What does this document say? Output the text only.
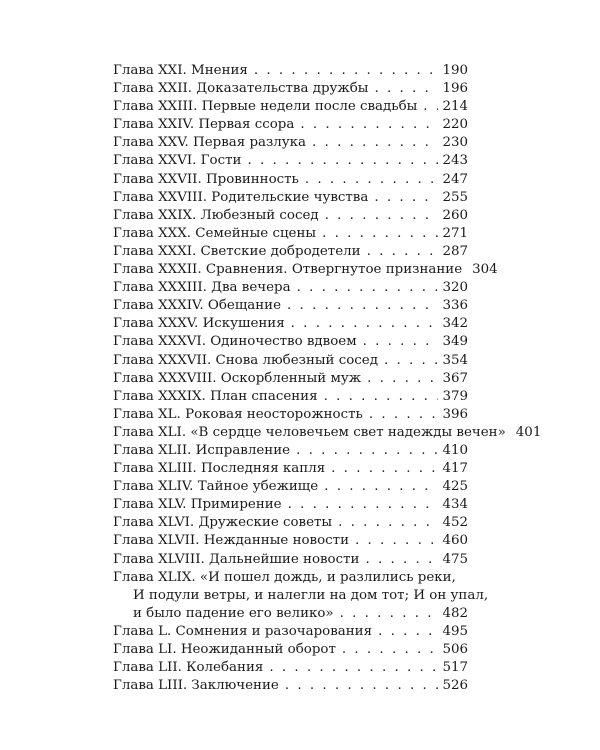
Глава XXI. Мнения . . .	190
Глава XXII. Доказательства дружбы . . .	196
Глава XXIII. Первые недели после свадьбы . . . 214
Глава XXIV. Первая ссора . . .	220
Глава XXV. Первая разлука . . .	230
Глава XXVI. Гости . . .	243
Глава XXVII. Провинность . . .	247
Глава XXVIII. Родительские чувства . . .	255
Глава XXIX. Любезный сосед . . .	260
Глава XXX. Семейные сцены . . .	271
Глава XXXI. Светские добродетели . . .	287
Глава XXXII. Сравнения. Отвергнутое признание 304
Глава XXXIII. Два вечера . . .	320
Глава XXXIV. Обещание . . .	336
Глава XXXV. Искушения . . .	342
Глава XXXVI. Одиночество вдвоем . . .	349
Глава XXXVII. Снова любезный сосед . . .	354
Глава XXXVIII. Оскорбленный муж . . .	367
Глава XXXIX. План спасения . . .	379
Глава XL. Роковая неосторожность . . .	396
Глава XLI. «В сердце человечьем свет надежды вечен» 401
Глава XLII. Исправление . . .	410
Глава XLIII. Последняя капля . . .	417
Глава XLIV. Тайное убежище . . .	425
Глава XLV. Примирение . . .	434
Глава XLVI. Дружеские советы . . .	452
Глава XLVII. Нежданные новости . . .	460
Глава XLVIII. Дальнейшие новости . . .	475
Глава XLIX. «И пошел дождь, и разлились реки,
И подули ветры, и налегли на дом тот; И он упал,
и было падение его велико» . . .	482
Глава L. Сомнения и разочарования . . .	495
Глава LI. Неожиданный оборот . . .	506
Глава LII. Колебания . . .	517
Глава LIII. Заключение . . .	526
